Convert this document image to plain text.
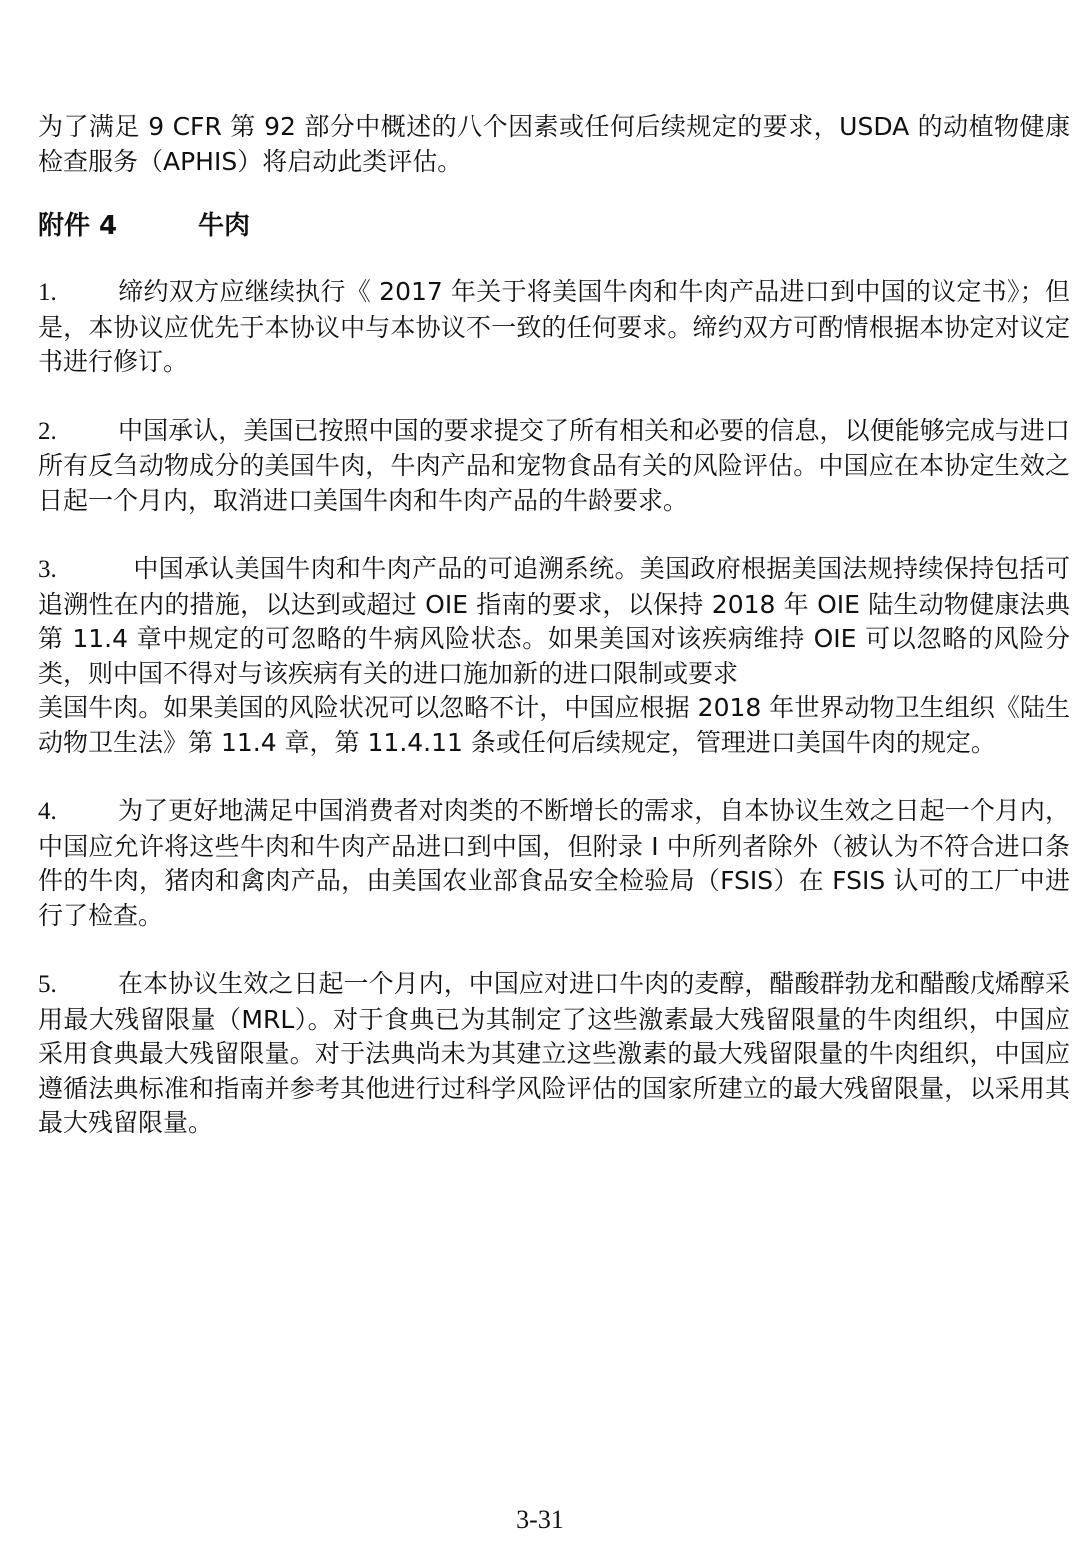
为了满足 9 CFR 第 92 部分中概述的八个因素或任何后续规定的要求，USDA 的动植物健康检查服务（APHIS）将启动此类评估。

附件 4	牛肉

1. 缔约双方应继续执行《 2017 年关于将美国牛肉和牛肉产品进口到中国的议定书》；但是，本协议应优先于本协议中与本协议不一致的任何要求。缔约双方可酌情根据本协定对议定书进行修订。

2. 中国承认，美国已按照中国的要求提交了所有相关和必要的信息，以便能够完成与进口所有反刍动物成分的美国牛肉，牛肉产品和宠物食品有关的风险评估。中国应在本协定生效之日起一个月内，取消进口美国牛肉和牛肉产品的牛龄要求。

3.	中国承认美国牛肉和牛肉产品的可追溯系统。美国政府根据美国法规持续保持包括可追溯性在内的措施，以达到或超过 OIE 指南的要求，以保持 2018 年 OIE 陆生动物健康法典第 11.4 章中规定的可忽略的牛病风险状态。如果美国对该疾病维持 OIE 可以忽略的风险分类，则中国不得对与该疾病有关的进口施加新的进口限制或要求

美国牛肉。如果美国的风险状况可以忽略不计，中国应根据 2018 年世界动物卫生组织《陆生动物卫生法》第 11.4 章，第 11.4.11 条或任何后续规定，管理进口美国牛肉的规定。

4. 为了更好地满足中国消费者对肉类的不断增长的需求，自本协议生效之日起一个月内，中国应允许将这些牛肉和牛肉产品进口到中国，但附录 I 中所列者除外（被认为不符合进口条件的牛肉，猪肉和禽肉产品，由美国农业部食品安全检验局（FSIS）在 FSIS 认可的工厂中进行了检查。

5. 在本协议生效之日起一个月内，中国应对进口牛肉的麦醇，醋酸群勃龙和醋酸戊烯醇采用最大残留限量（MRL）。对于食典已为其制定了这些激素最大残留限量的牛肉组织，中国应采用食典最大残留限量。对于法典尚未为其建立这些激素的最大残留限量的牛肉组织，中国应遵循法典标准和指南并参考其他进行过科学风险评估的国家所建立的最大残留限量，以采用其最大残留限量。

3-31
